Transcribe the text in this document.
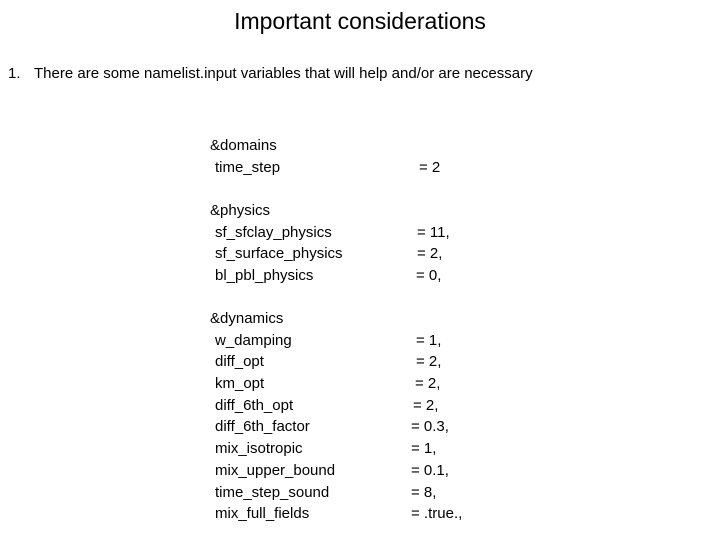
Important considerations
1. There are some namelist.input variables that will help and/or are necessary
&domains
time_step	= 2
&physics
sf_sfclay_physics	= 11,
sf_surface_physics	= 2,
bl_pbl_physics	= 0,
&dynamics
w_damping	= 1,
diff_opt	= 2,
km_opt	= 2,
diff_6th_opt	= 2,
diff_6th_factor	= 0.3,
mix_isotropic	= 1,
mix_upper_bound	= 0.1,
time_step_sound	= 8,
mix_full_fields	= .true.,
